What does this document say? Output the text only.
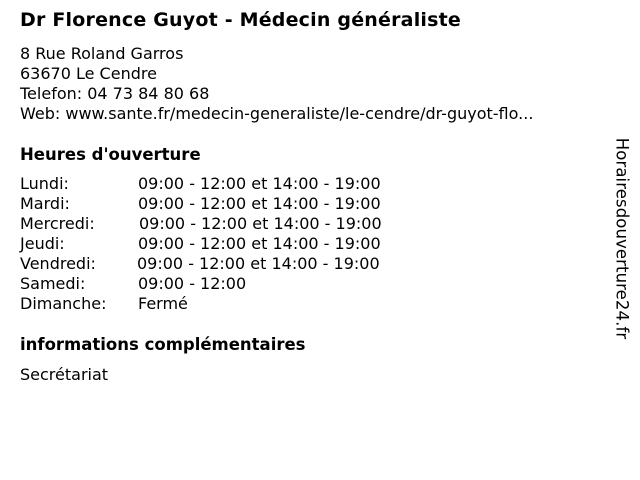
Dr Florence Guyot - Médecin généraliste
8 Rue Roland Garros
63670 Le Cendre
Telefon: 04 73 84 80 68
Web: www.sante.fr/medecin-generaliste/le-cendre/dr-guyot-flo...
Heures d'ouverture
Lundi:	09:00 - 12:00 et 14:00 - 19:00
Mardi:	09:00 - 12:00 et 14:00 - 19:00
Mercredi:	09:00 - 12:00 et 14:00 - 19:00
Jeudi:	09:00 - 12:00 et 14:00 - 19:00
Vendredi:	09:00 - 12:00 et 14:00 - 19:00
Samedi:	09:00 - 12:00
Dimanche: Fermé
informations complémentaires
Secrétariat
Horairesdouverture24.fr
